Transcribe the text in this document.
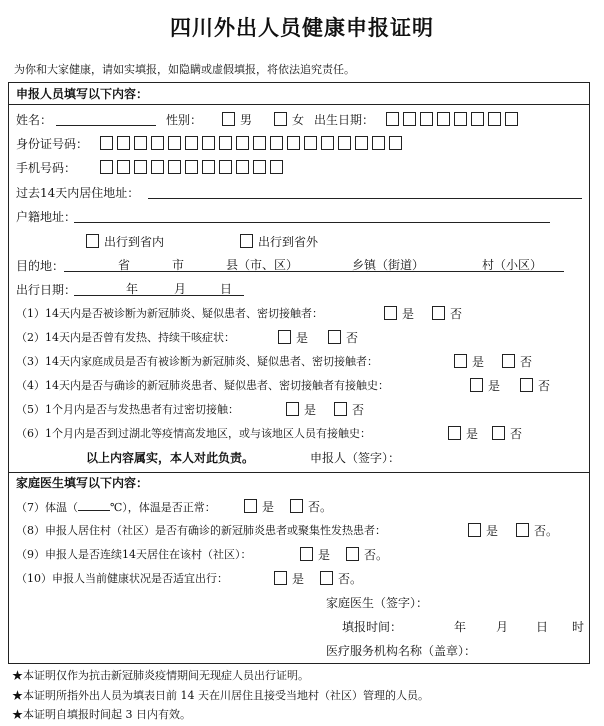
四川外出人员健康申报证明
为你和大家健康，请如实填报，如隐瞒或虚假填报，将依法追究责任。
申报人员填写以下内容：
姓名：	性别：	男	女 出生日期：
身份证号码：
手机号码：
过去14天内居住地址：
户籍地址：
出行到省内	出行到省外
目的地：	省	市	县（市、区）	乡镇（街道）	村（小区）
出行日期：	年	月	日
（1）14天内是否被诊断为新冠肺炎、疑似患者、密切接触者：	是	否
（2）14天内是否曾有发热、持续干咳症状：	是	否
（3）14天内家庭成员是否有被诊断为新冠肺炎、疑似患者、密切接触者：	是	否
（4）14天内是否与确诊的新冠肺炎患者、疑似患者、密切接触者有接触史：	是	否
（5）1个月内是否与发热患者有过密切接触：	是	否
（6）1个月内是否到过湖北等疫情高发地区，或与该地区人员有接触史：	是	否
以上内容属实，本人对此负责。	申报人（签字）：
家庭医生填写以下内容：
（7）体温（	℃），体温是否正常：	是	否。
（8）申报人居住村（社区）是否有确诊的新冠肺炎患者或聚集性发热患者：	是	否。
（9）申报人是否连续14天居住在该村（社区）：	是	否。
（10）申报人当前健康状况是否适宜出行：	是	否。
家庭医生（签字）：
填报时间：	年 月 日 时
医疗服务机构名称（盖章）：
★本证明仅作为抗击新冠肺炎疫情期间无现症人员出行证明。
★本证明所指外出人员为填表日前 14 天在川居住且接受当地村（社区）管理的人员。
★本证明自填报时间起 3 日内有效。
